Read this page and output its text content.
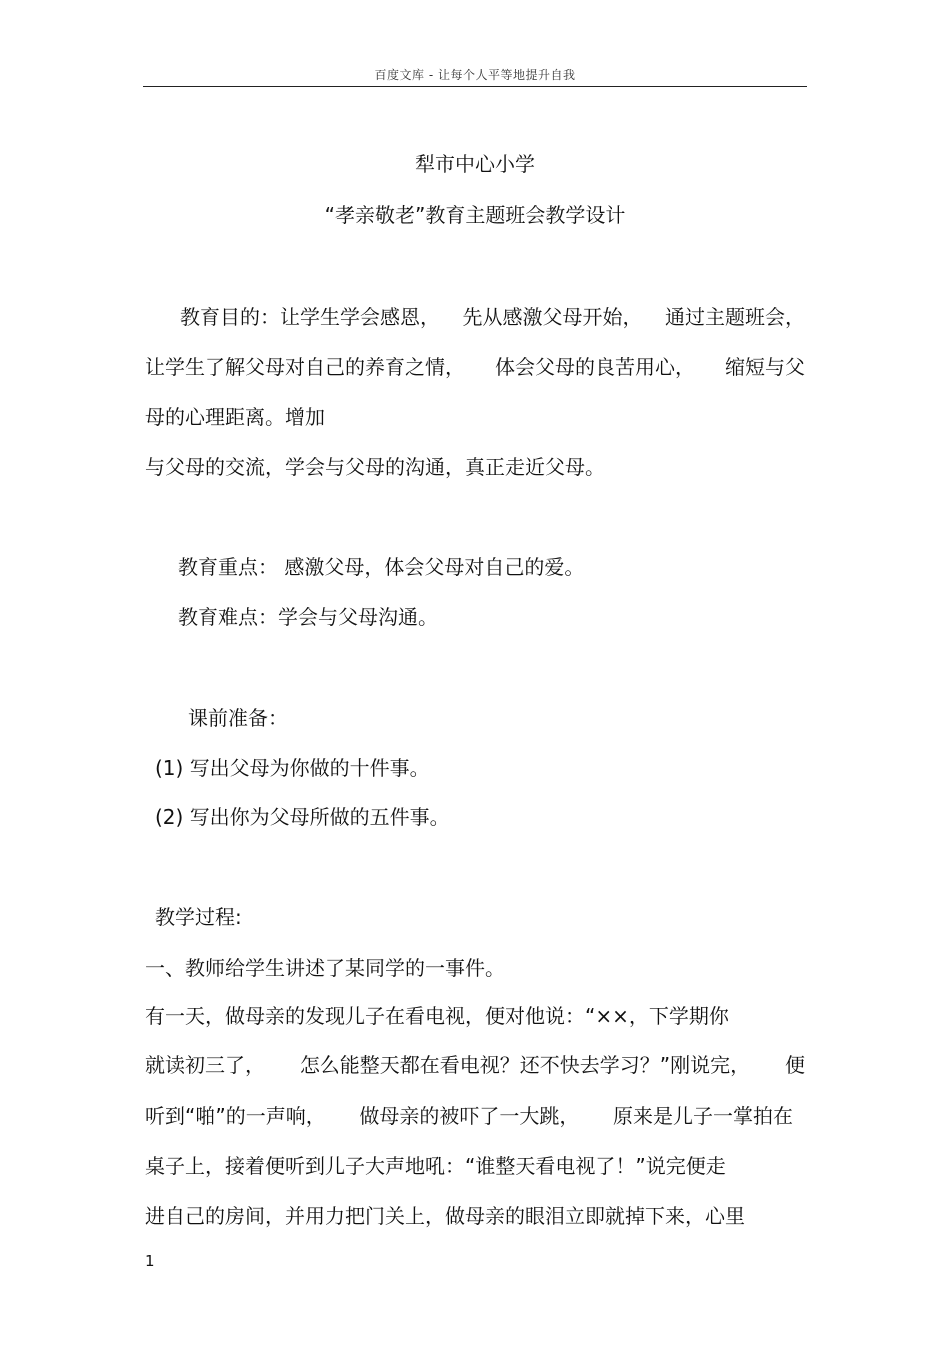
百度文库 - 让每个人平等地提升自我
犁市中心小学
“孝亲敬老”教育主题班会教学设计
教育目的：让学生学会感恩， 先从感激父母开始， 通过主题班会，
让学生了解父母对自己的养育之情， 体会父母的良苦用心， 缩短与父
母的心理距离。增加
与父母的交流，学会与父母的沟通，真正走近父母。
教育重点： 感激父母，体会父母对自己的爱。
教育难点：学会与父母沟通。
课前准备：
(1) 写出父母为你做的十件事。
(2) 写出你为父母所做的五件事。
教学过程:
一、教师给学生讲述了某同学的一事件。
有一天，做母亲的发现儿子在看电视，便对他说：“××，下学期你
就读初三了， 怎么能整天都在看电视？还不快去学习？”刚说完， 便
听到“啪”的一声响， 做母亲的被吓了一大跳， 原来是儿子一掌拍在
桌子上，接着便听到儿子大声地吼：“谁整天看电视了！”说完便走
进自己的房间，并用力把门关上，做母亲的眼泪立即就掉下来，心里
1
